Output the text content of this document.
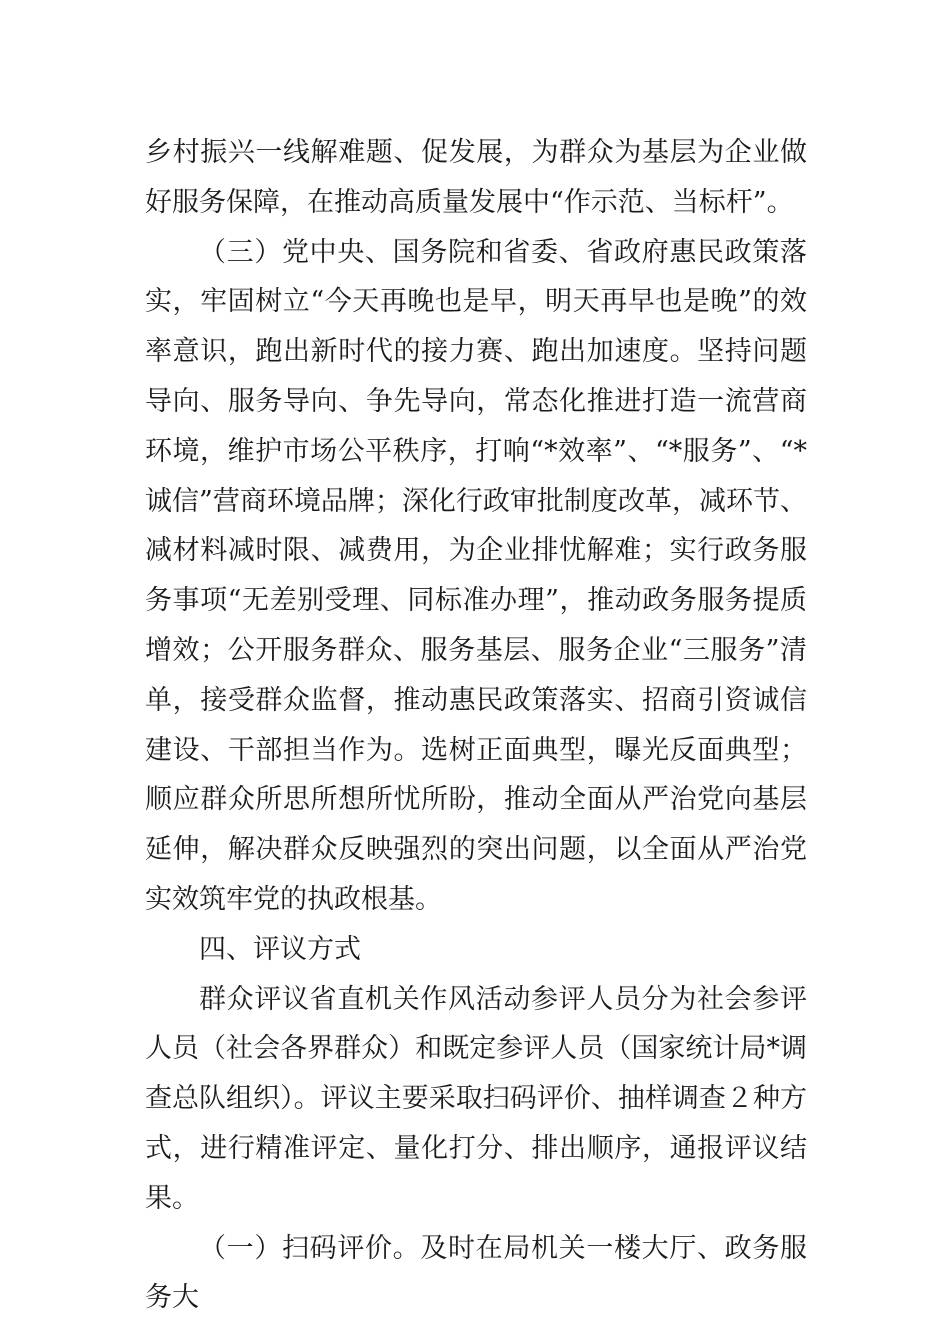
乡村振兴一线解难题、促发展，为群众为基层为企业做好服务保障，在推动高质量发展中“作示范、当标杆”。

（三）党中央、国务院和省委、省政府惠民政策落实，牢固树立“今天再晚也是早，明天再早也是晚”的效率意识，跑出新时代的接力赛、跑出加速度。坚持问题导向、服务导向、争先导向，常态化推进打造一流营商环境，维护市场公平秩序，打响“*效率”、“*服务”、“*诚信”营商环境品牌；深化行政审批制度改革，减环节、减材料减时限、减费用，为企业排忧解难；实行政务服务事项“无差别受理、同标准办理”，推动政务服务提质增效；公开服务群众、服务基层、服务企业“三服务”清单，接受群众监督，推动惠民政策落实、招商引资诚信建设、干部担当作为。选树正面典型，曝光反面典型；顺应群众所思所想所忧所盼，推动全面从严治党向基层延伸，解决群众反映强烈的突出问题，以全面从严治党实效筑牢党的执政根基。

四、评议方式

群众评议省直机关作风活动参评人员分为社会参评人员（社会各界群众）和既定参评人员（国家统计局*调查总队组织）。评议主要采取扫码评价、抽样调查２种方式，进行精准评定、量化打分、排出顺序，通报评议结果。

（一）扫码评价。及时在局机关一楼大厅、政务服务大
